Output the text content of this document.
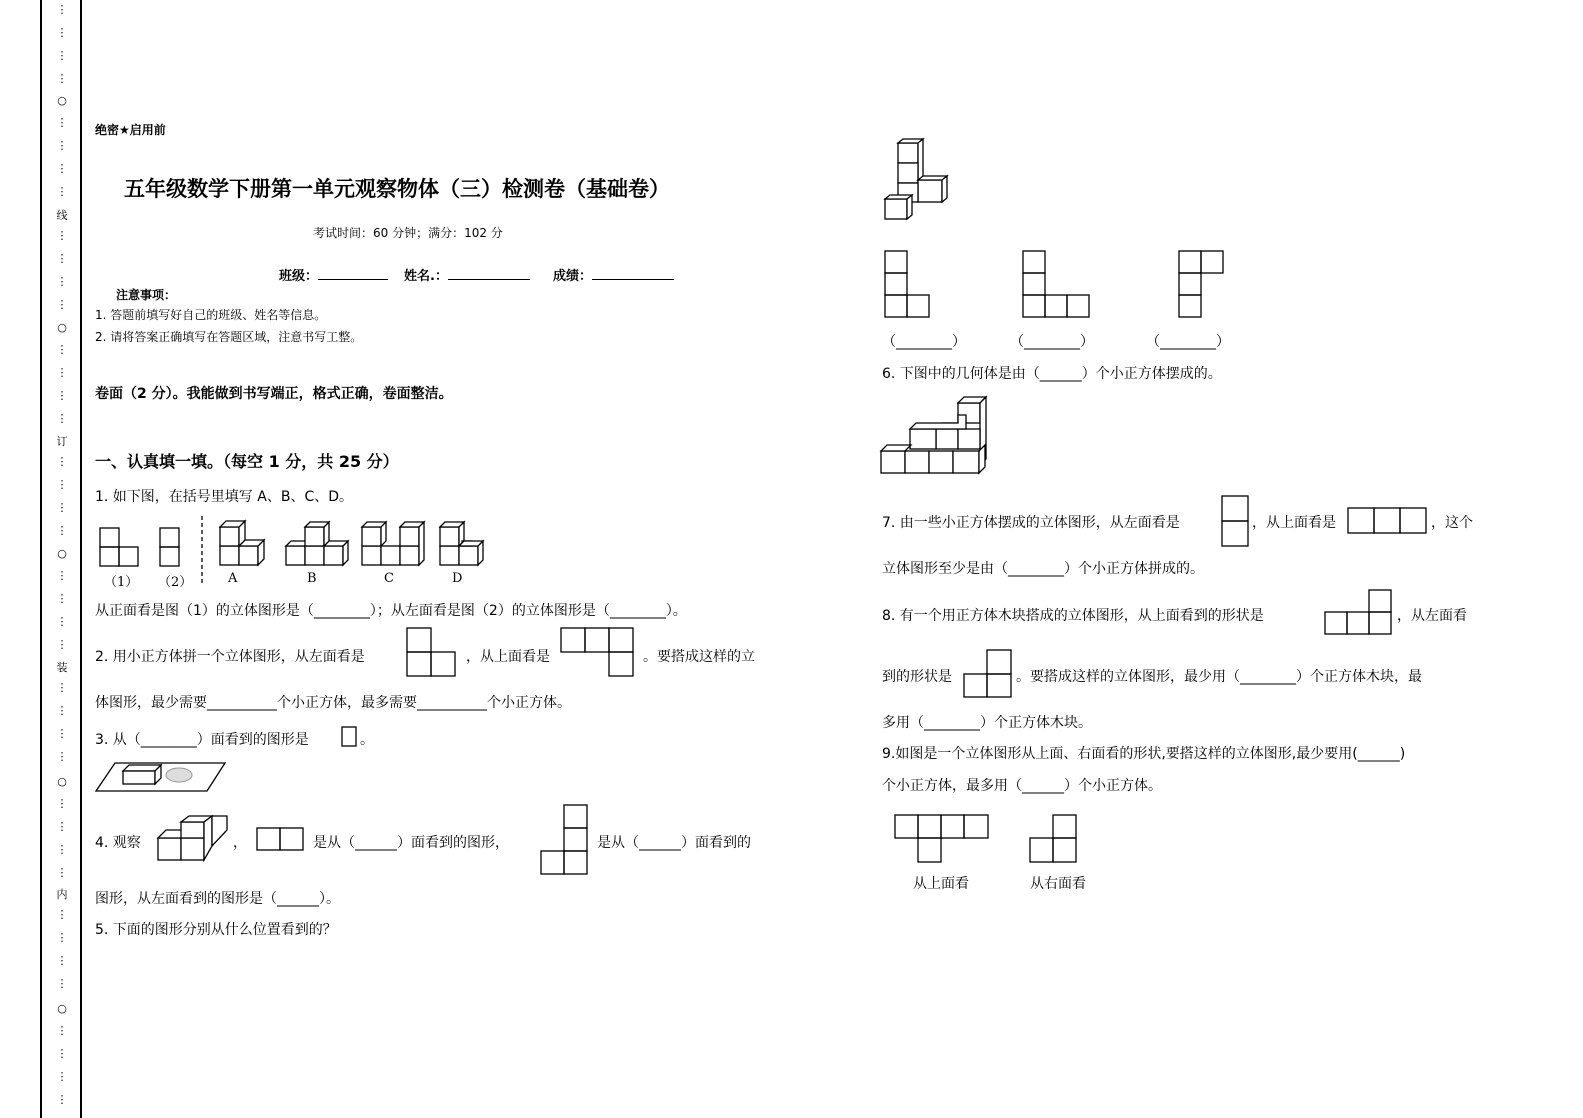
⋮
⋮
⋮
⋮
○
○
○
○
○
⋮
⋮
⋮
⋮
线
⋮
⋮
⋮
⋮
⋮
⋮
⋮
⋮
订
⋮
⋮
⋮
⋮
⋮
⋮
⋮
⋮
装
⋮
⋮
⋮
⋮
⋮
⋮
⋮
⋮
内
⋮
⋮
⋮
⋮
⋮
⋮
⋮
⋮
绝密★启用前
五年级数学下册第一单元观察物体（三）检测卷（基础卷）
考试时间：60 分钟；满分：102 分
班级：	姓名.：	成绩：
注意事项：
1. 答题前填写好自己的班级、姓名等信息。
2. 请将答案正确填写在答题区域，注意书写工整。
卷面（2 分）。我能做到书写端正，格式正确，卷面整洁。
一、认真填一填。（每空 1 分，共 25 分）
1. 如下图，在括号里填写 A、B、C、D。
（1） （2）	A	B	C	D
从正面看是图（1）的立体图形是（________）；从左面看是图（2）的立体图形是（________）。
2. 用小正方体拼一个立体图形，从左面看是	，从上面看是	。要搭成这样的立
体图形，最少需要__________个小正方体，最多需要__________个小正方体。
3. 从（________）面看到的图形是	。
4. 观察	，	是从（______）面看到的图形，	是从（______）面看到的
图形，从左面看到的图形是（______）。
5. 下面的图形分别从什么位置看到的？
（________）	（________）	（________）
6. 下图中的几何体是由（______）个小正方体摆成的。
7. 由一些小正方体摆成的立体图形，从左面看是	，从上面看是	，这个
立体图形至少是由（________）个小正方体拼成的。
8. 有一个用正方体木块搭成的立体图形，从上面看到的形状是	，从左面看
到的形状是	。要搭成这样的立体图形，最少用（________）个正方体木块，最
多用（________）个正方体木块。
9.如图是一个立体图形从上面、右面看的形状,要搭这样的立体图形,最少要用(______)
个小正方体，最多用（______）个小正方体。
从上面看	从右面看
